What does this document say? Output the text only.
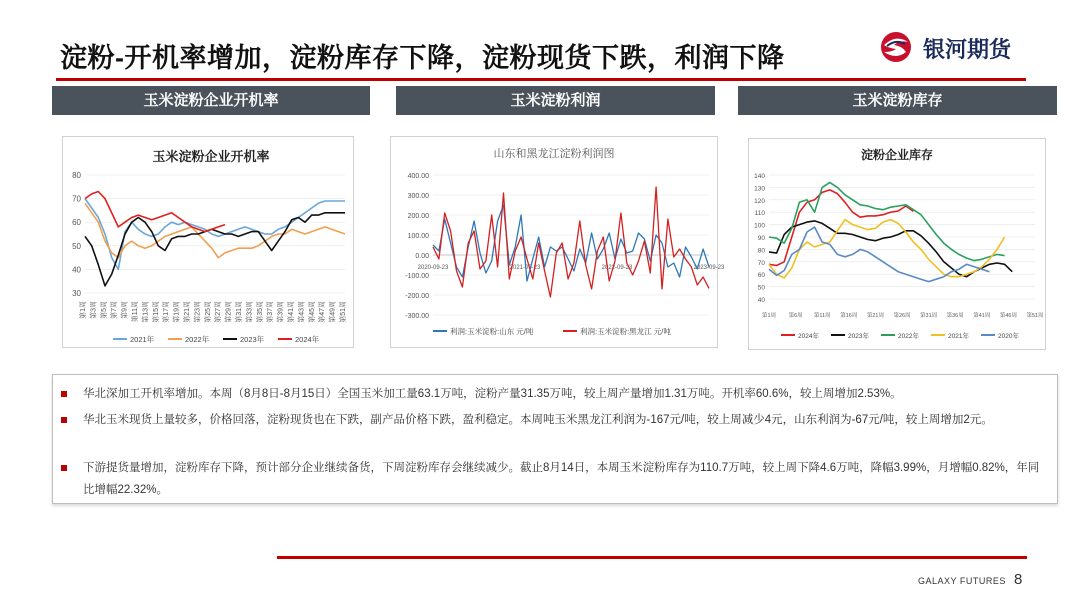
淀粉-开机率增加，淀粉库存下降，淀粉现货下跌，利润下降	银河期货
玉米淀粉企业开机率	玉米淀粉利润	玉米淀粉库存
玉米淀粉企业开机率
80
70
60
50
40
30
第1周 第3周 第5周 第7周 第9周 第11周 第13周 第15周 第17周 第19周 第21周 第23周 第25周 第27周 第29周 第31周 第33周 第35周 第37周 第39周 第41周 第43周 第45周 第47周 第49周 第51周
2021年	2022年	2023年	2024年
山东和黑龙江淀粉利润图
400.00
300.00
200.00
100.00
0.00
-100.00
-200.00
-300.00
2020-09-23	2021-09-23	2022-09-23	2023-09-23
利润:玉米淀粉:山东 元/吨	利润:玉米淀粉:黑龙江 元/吨
淀粉企业库存
140
130
120
110
100
90
80
70
60
50
40
第1周 第6周 第11周 第16周 第21周 第26周 第31周 第36周 第41周 第46周 第51周
2024年	2023年	2022年	2021年	2020年
华北深加工开机率增加。本周（8月8日-8月15日）全国玉米加工量63.1万吨，淀粉产量31.35万吨，较上周产量增加1.31万吨。开机率60.6%，较上周增加2.53%。
华北玉米现货上量较多，价格回落，淀粉现货也在下跌，副产品价格下跌，盈利稳定。本周吨玉米黑龙江利润为-167元/吨，较上周减少4元，山东利润为-67元/吨，较上周增加2元。
下游提货量增加，淀粉库存下降，预计部分企业继续备货，下周淀粉库存会继续减少。截止8月14日，本周玉米淀粉库存为110.7万吨，较上周下降4.6万吨，降幅3.99%，月增幅0.82%，年同比增幅22.32%。
GALAXY FUTURES 8
